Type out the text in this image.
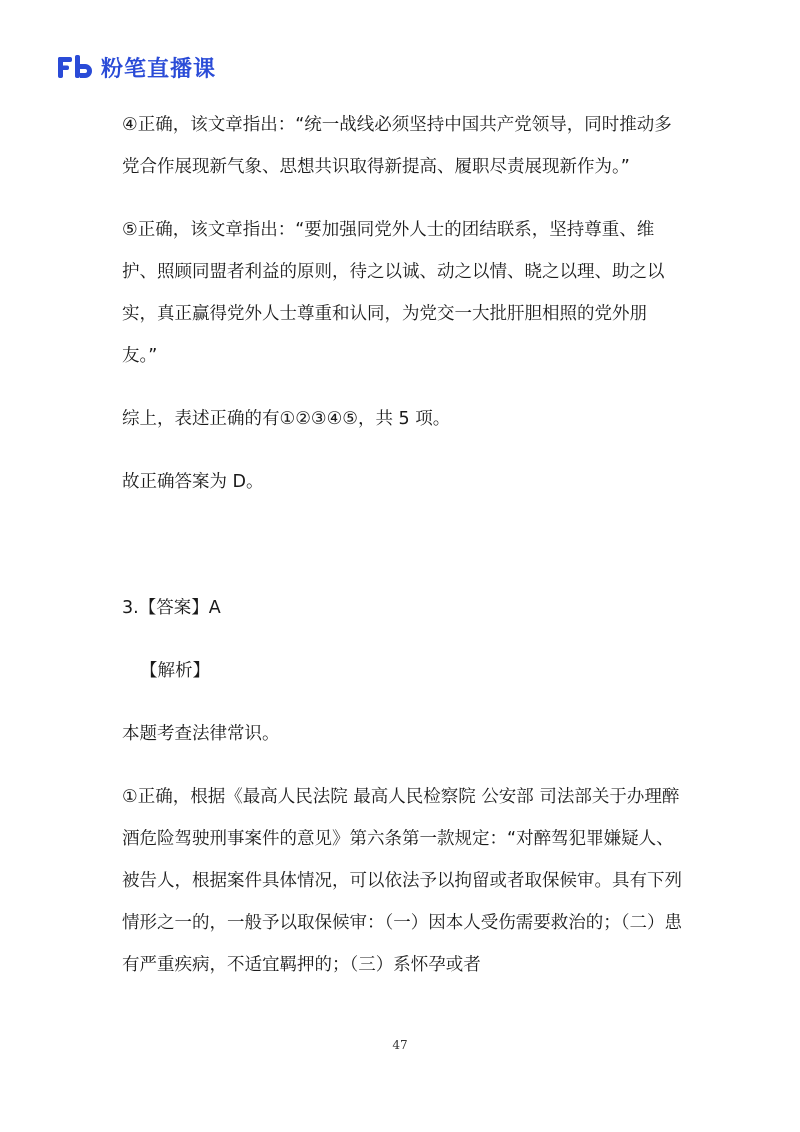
粉笔直播课

④正确，该文章指出：“统一战线必须坚持中国共产党领导，同时推动多党合作展现新气象、思想共识取得新提高、履职尽责展现新作为。”

⑤正确，该文章指出：“要加强同党外人士的团结联系，坚持尊重、维护、照顾同盟者利益的原则，待之以诚、动之以情、晓之以理、助之以实，真正赢得党外人士尊重和认同，为党交一大批肝胆相照的党外朋友。”

综上，表述正确的有①②③④⑤，共 5 项。

故正确答案为 D。

3.【答案】A

【解析】

本题考查法律常识。

①正确，根据《最高人民法院 最高人民检察院 公安部 司法部关于办理醉酒危险驾驶刑事案件的意见》第六条第一款规定：“对醉驾犯罪嫌疑人、被告人，根据案件具体情况，可以依法予以拘留或者取保候审。具有下列情形之一的，一般予以取保候审：（一）因本人受伤需要救治的；（二）患有严重疾病，不适宜羁押的；（三）系怀孕或者

47
